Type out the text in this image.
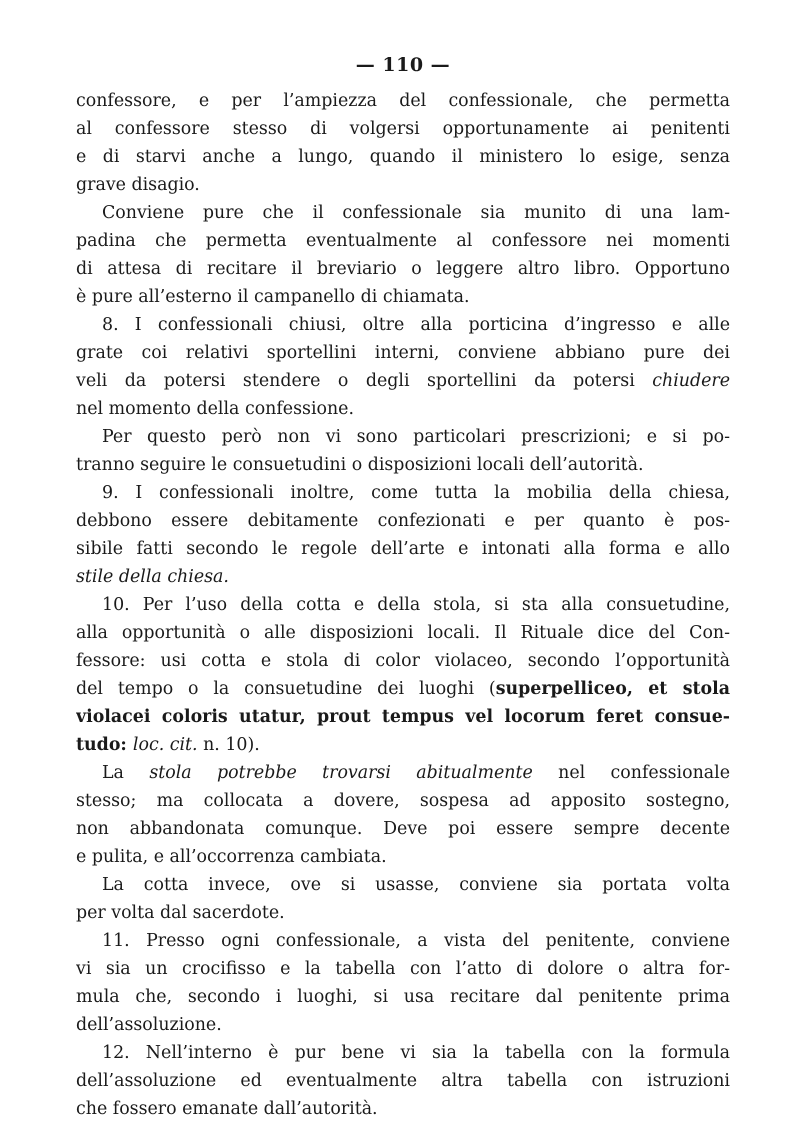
— 110 —
confessore, e per l’ampiezza del confessionale, che permetta
al confessore stesso di volgersi opportunamente ai penitenti
e di starvi anche a lungo, quando il ministero lo esige, senza
grave disagio.
Conviene pure che il confessionale sia munito di una lam-
padina che permetta eventualmente al confessore nei momenti
di attesa di recitare il breviario o leggere altro libro. Opportuno
è pure all’esterno il campanello di chiamata.
8. I confessionali chiusi, oltre alla porticina d’ingresso e alle
grate coi relativi sportellini interni, conviene abbiano pure dei
veli da potersi stendere o degli sportellini da potersi chiudere
nel momento della confessione.
Per questo però non vi sono particolari prescrizioni; e si po-
tranno seguire le consuetudini o disposizioni locali dell’autorità.
9. I confessionali inoltre, come tutta la mobilia della chiesa,
debbono essere debitamente confezionati e per quanto è pos-
sibile fatti secondo le regole dell’arte e intonati alla forma e allo
stile della chiesa.
10. Per l’uso della cotta e della stola, si sta alla consuetudine,
alla opportunità o alle disposizioni locali. Il Rituale dice del Con-
fessore: usi cotta e stola di color violaceo, secondo l’opportunità
del tempo o la consuetudine dei luoghi (superpelliceo, et stola
violacei coloris utatur, prout tempus vel locorum feret consue-
tudo: loc. cit. n. 10).
La stola potrebbe trovarsi abitualmente nel confessionale
stesso; ma collocata a dovere, sospesa ad apposito sostegno,
non abbandonata comunque. Deve poi essere sempre decente
e pulita, e all’occorrenza cambiata.
La cotta invece, ove si usasse, conviene sia portata volta
per volta dal sacerdote.
11. Presso ogni confessionale, a vista del penitente, conviene
vi sia un crocifisso e la tabella con l’atto di dolore o altra for-
mula che, secondo i luoghi, si usa recitare dal penitente prima
dell’assoluzione.
12. Nell’interno è pur bene vi sia la tabella con la formula
dell’assoluzione ed eventualmente altra tabella con istruzioni
che fossero emanate dall’autorità.
